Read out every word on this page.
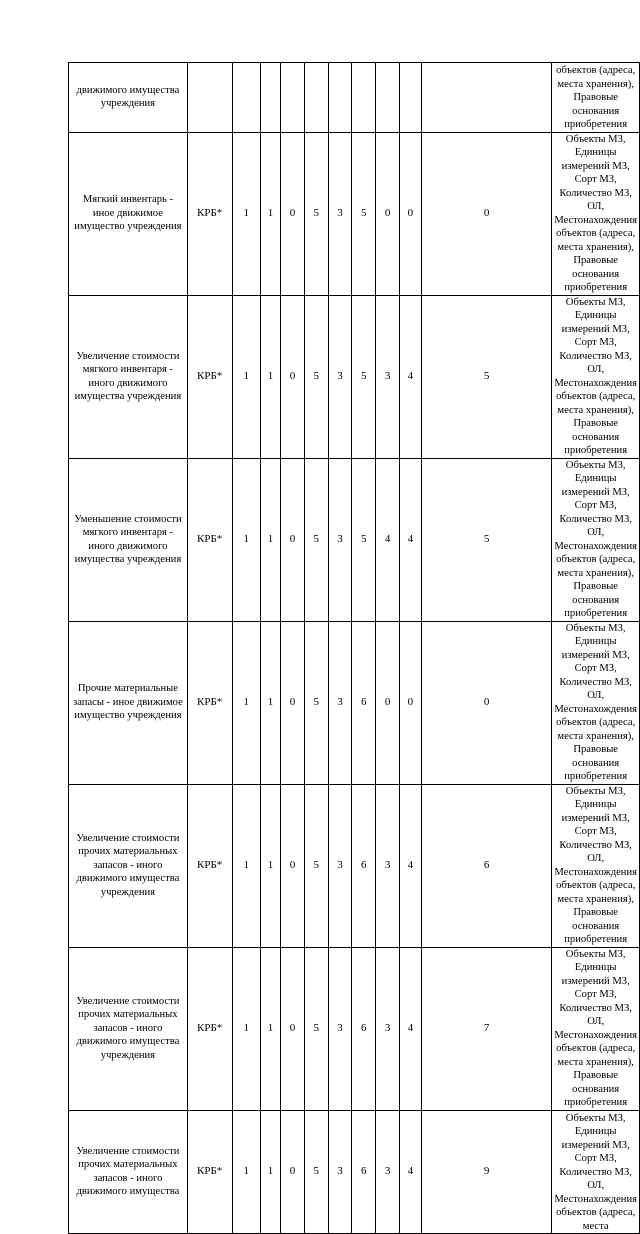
движимого имущества учреждения											объектов (адреса, места хранения), Правовые основания приобретения
Мягкий инвентарь - иное движимое имущество учреждения	КРБ*	1	1	0	5	3	5	0	0	0	Объекты МЗ, Единицы измерений МЗ, Сорт МЗ, Количество МЗ, ОЛ, Местонахождения объектов (адреса, места хранения), Правовые основания приобретения
Увеличение стоимости мягкого инвентаря - иного движимого имущества учреждения	КРБ*	1	1	0	5	3	5	3	4	5	Объекты МЗ, Единицы измерений МЗ, Сорт МЗ, Количество МЗ, ОЛ, Местонахождения объектов (адреса, места хранения), Правовые основания приобретения
Уменьшение стоимости мягкого инвентаря - иного движимого имущества учреждения	КРБ*	1	1	0	5	3	5	4	4	5	Объекты МЗ, Единицы измерений МЗ, Сорт МЗ, Количество МЗ, ОЛ, Местонахождения объектов (адреса, места хранения), Правовые основания приобретения
Прочие материальные запасы - иное движимое имущество учреждения	КРБ*	1	1	0	5	3	6	0	0	0	Объекты МЗ, Единицы измерений МЗ, Сорт МЗ, Количество МЗ, ОЛ, Местонахождения объектов (адреса, места хранения), Правовые основания приобретения
Увеличение стоимости прочих материальных запасов - иного движимого имущества учреждения	КРБ*	1	1	0	5	3	6	3	4	6	Объекты МЗ, Единицы измерений МЗ, Сорт МЗ, Количество МЗ, ОЛ, Местонахождения объектов (адреса, места хранения), Правовые основания приобретения
Увеличение стоимости прочих материальных запасов - иного движимого имущества учреждения	КРБ*	1	1	0	5	3	6	3	4	7	Объекты МЗ, Единицы измерений МЗ, Сорт МЗ, Количество МЗ, ОЛ, Местонахождения объектов (адреса, места хранения), Правовые основания приобретения
Увеличение стоимости прочих материальных запасов - иного движимого имущества	КРБ*	1	1	0	5	3	6	3	4	9	Объекты МЗ, Единицы измерений МЗ, Сорт МЗ, Количество МЗ, ОЛ, Местонахождения объектов (адреса, места
